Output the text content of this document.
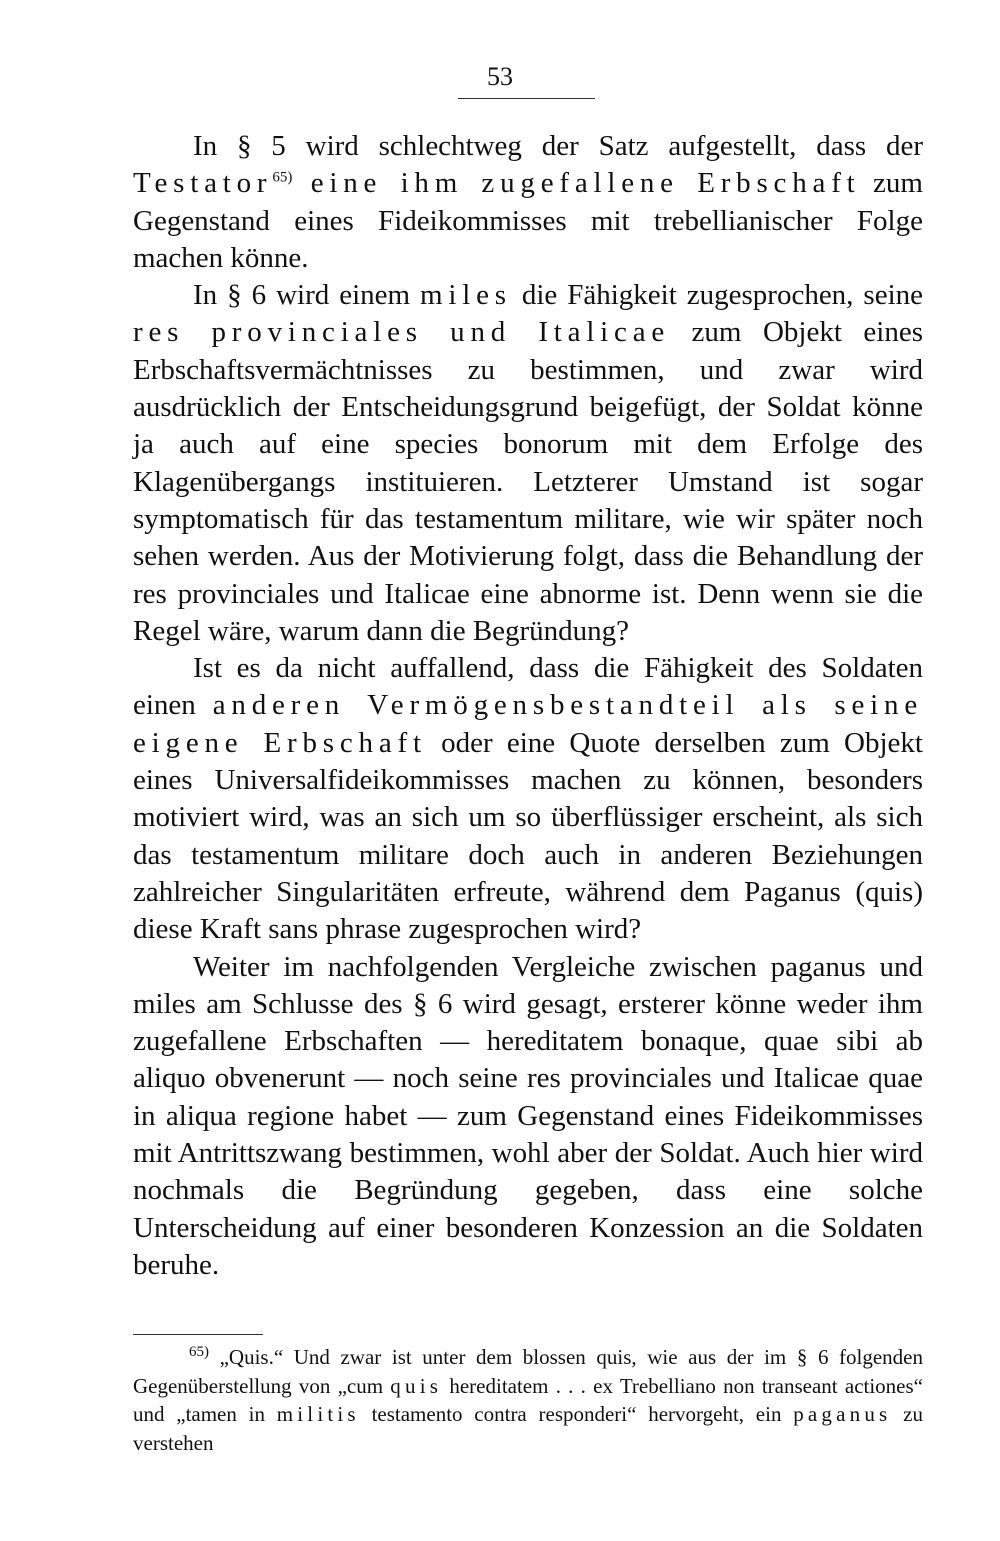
53

In § 5 wird schlechtweg der Satz aufgestellt, dass der Testator$^{65)}$ eine ihm zugefallene Erbschaft zum Gegenstand eines Fideikommisses mit trebellianischer Folge machen könne.

In § 6 wird einem miles die Fähigkeit zugesprochen, seine res provinciales und Italicae zum Objekt eines Erbschaftsvermächtnisses zu bestimmen, und zwar wird ausdrücklich der Entscheidungsgrund beigefügt, der Soldat könne ja auch auf eine species bonorum mit dem Erfolge des Klagenübergangs instituieren. Letzterer Umstand ist sogar symptomatisch für das testamentum militare, wie wir später noch sehen werden. Aus der Motivierung folgt, dass die Behandlung der res provinciales und Italicae eine abnorme ist. Denn wenn sie die Regel wäre, warum dann die Begründung?

Ist es da nicht auffallend, dass die Fähigkeit des Soldaten einen anderen Vermögensbestandteil als seine eigene Erbschaft oder eine Quote derselben zum Objekt eines Universalfideikommisses machen zu können, besonders motiviert wird, was an sich um so überflüssiger erscheint, als sich das testamentum militare doch auch in anderen Beziehungen zahlreicher Singularitäten erfreute, während dem Paganus (quis) diese Kraft sans phrase zugesprochen wird?

Weiter im nachfolgenden Vergleiche zwischen paganus und miles am Schlusse des § 6 wird gesagt, ersterer könne weder ihm zugefallene Erbschaften — hereditatem bonaque, quae sibi ab aliquo obvenerunt — noch seine res provinciales und Italicae quae in aliqua regione habet — zum Gegenstand eines Fideikommisses mit Antrittszwang bestimmen, wohl aber der Soldat. Auch hier wird nochmals die Begründung gegeben, dass eine solche Unterscheidung auf einer besonderen Konzession an die Soldaten beruhe.

$^{65)}$ „Quis.“ Und zwar ist unter dem blossen quis, wie aus der im § 6 folgenden Gegenüberstellung von „cum quis hereditatem . . . ex Trebelliano non transeant actiones“ und „tamen in militis testamento contra responderi“ hervorgeht, ein paganus zu verstehen
